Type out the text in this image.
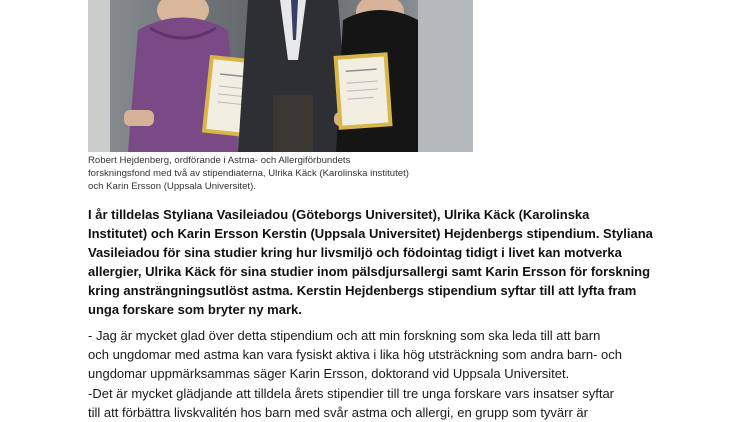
Robert Hejdenberg, ordförande i Astma- och Allergiförbundets
forskningsfond med två av stipendiaterna, Ulrika Käck (Karolinska institutet)
och Karin Ersson (Uppsala Universitet).
I år tilldelas Styliana Vasileiadou (Göteborgs Universitet), Ulrika Käck (Karolinska
Institutet) och Karin Ersson Kerstin (Uppsala Universitet) Hejdenbergs stipendium. Styliana
Vasileiadou för sina studier kring hur livsmiljö och födointag tidigt i livet kan motverka
allergier, Ulrika Käck för sina studier inom pälsdjursallergi samt Karin Ersson för forskning
kring ansträngningsutlöst astma. Kerstin Hejdenbergs stipendium syftar till att lyfta fram
unga forskare som bryter ny mark.
- Jag är mycket glad över detta stipendium och att min forskning som ska leda till att barn
och ungdomar med astma kan vara fysiskt aktiva i lika hög utsträckning som andra barn- och
ungdomar uppmärksammas säger Karin Ersson, doktorand vid Uppsala Universitet.
-Det är mycket glädjande att tilldela årets stipendier till tre unga forskare vars insatser syftar
till att förbättra livskvalitén hos barn med svår astma och allergi, en grupp som tyvärr är
